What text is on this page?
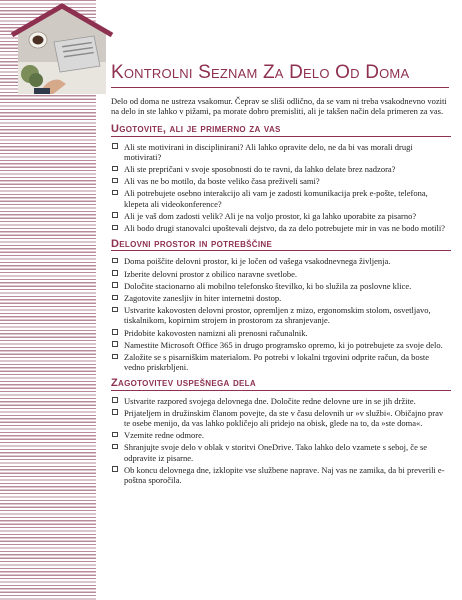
Kontrolni Seznam Za Delo Od Doma

Delo od doma ne ustreza vsakomur. Čeprav se sliši odlično, da se vam ni treba vsakodnevno voziti na delo in ste lahko v pižami, pa morate dobro premisliti, ali je takšen način dela primeren za vas.

Ugotovite, ali je primerno za vas
Ali ste motivirani in disciplinirani? Ali lahko opravite delo, ne da bi vas morali drugi motivirati?
Ali ste prepričani v svoje sposobnosti do te ravni, da lahko delate brez nadzora?
Ali vas ne bo motilo, da boste veliko časa preživeli sami?
Ali potrebujete osebno interakcijo ali vam je zadosti komunikacija prek e-pošte, telefona, klepeta ali videokonference?
Ali je vaš dom zadosti velik? Ali je na voljo prostor, ki ga lahko uporabite za pisarno?
Ali bodo drugi stanovalci upoštevali dejstvo, da za delo potrebujete mir in vas ne bodo motili?
Delovni prostor in potrebščine
Doma poiščite delovni prostor, ki je ločen od vašega vsakodnevnega življenja.
Izberite delovni prostor z obilico naravne svetlobe.
Določite stacionarno ali mobilno telefonsko številko, ki bo služila za poslovne klice.
Zagotovite zanesljiv in hiter internetni dostop.
Ustvarite kakovosten delovni prostor, opremljen z mizo, ergonomskim stolom, osvetljavo, tiskalnikom, kopirnim strojem in prostorom za shranjevanje.
Pridobite kakovosten namizni ali prenosni računalnik.
Namestite Microsoft Office 365 in drugo programsko opremo, ki jo potrebujete za svoje delo.
Založite se s pisarniškim materialom. Po potrebi v lokalni trgovini odprite račun, da boste vedno priskrbljeni.
Zagotovitev uspešnega dela
Ustvarite razpored svojega delovnega dne. Določite redne delovne ure in se jih držite.
Prijateljem in družinskim članom povejte, da ste v času delovnih ur »v službi«. Običajno prav te osebe menijo, da vas lahko pokličejo ali pridejo na obisk, glede na to, da »ste doma«.
Vzemite redne odmore.
Shranjujte svoje delo v oblak v storitvi OneDrive. Tako lahko delo vzamete s seboj, če se odpravite iz pisarne.
Ob koncu delovnega dne, izklopite vse službene naprave. Naj vas ne zamika, da bi preverili e-poštna sporočila.
